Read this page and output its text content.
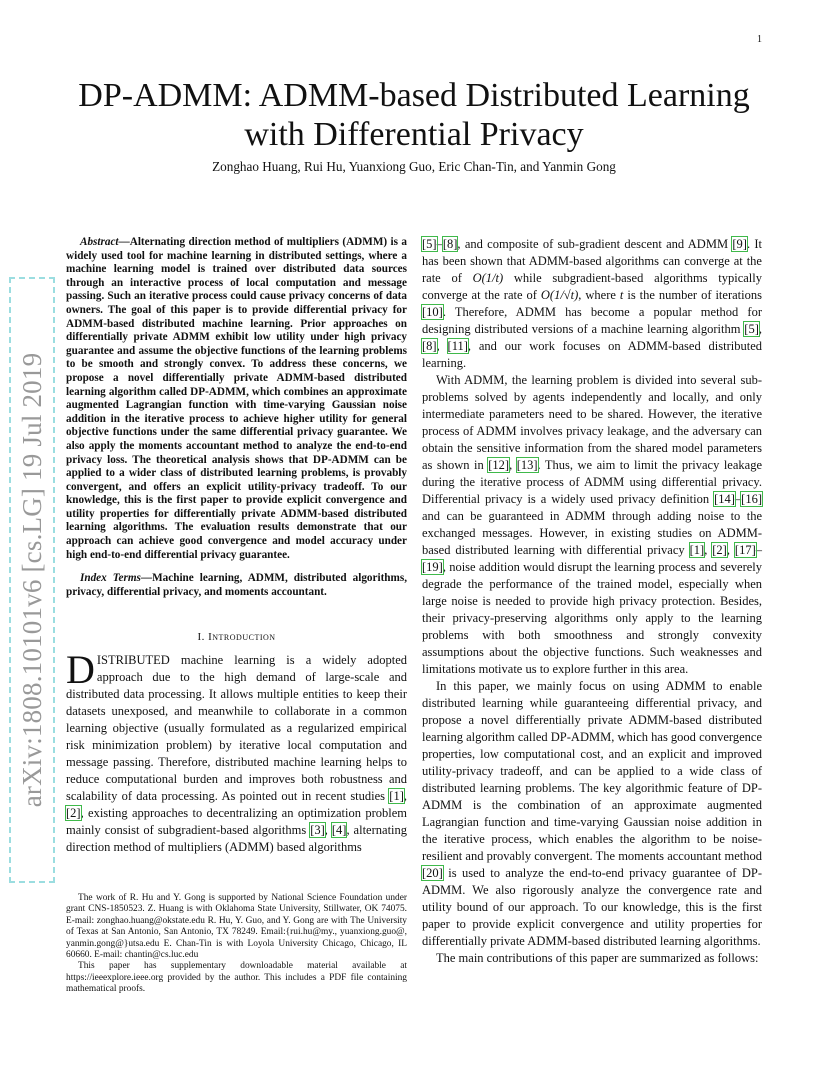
1
arXiv:1808.10101v6 [cs.LG] 19 Jul 2019
DP-ADMM: ADMM-based Distributed Learning
with Differential Privacy
Zonghao Huang, Rui Hu, Yuanxiong Guo, Eric Chan-Tin, and Yanmin Gong

Abstract—Alternating direction method of multipliers (ADMM) is a widely used tool for machine learning in distributed settings, where a machine learning model is trained over distributed data sources through an interactive process of local computation and message passing. Such an iterative process could cause privacy concerns of data owners. The goal of this paper is to provide differential privacy for ADMM-based distributed machine learning. Prior approaches on differentially private ADMM exhibit low utility under high privacy guarantee and assume the objective functions of the learning problems to be smooth and strongly convex. To address these concerns, we propose a novel differentially private ADMM-based distributed learning algorithm called DP-ADMM, which combines an approximate augmented Lagrangian function with time-varying Gaussian noise addition in the iterative process to achieve higher utility for general objective functions under the same differential privacy guarantee. We also apply the moments accountant method to analyze the end-to-end privacy loss. The theoretical analysis shows that DP-ADMM can be applied to a wider class of distributed learning problems, is provably convergent, and offers an explicit utility-privacy tradeoff. To our knowledge, this is the first paper to provide explicit convergence and utility properties for differentially private ADMM-based distributed learning algorithms. The evaluation results demonstrate that our approach can achieve good convergence and model accuracy under high end-to-end differential privacy guarantee.

Index Terms—Machine learning, ADMM, distributed algorithms, privacy, differential privacy, and moments accountant.

I. Introduction

DISTRIBUTED machine learning is a widely adopted approach due to the high demand of large-scale and distributed data processing. It allows multiple entities to keep their datasets unexposed, and meanwhile to collaborate in a common learning objective (usually formulated as a regularized empirical risk minimization problem) by iterative local computation and message passing. Therefore, distributed machine learning helps to reduce computational burden and improves both robustness and scalability of data processing. As pointed out in recent studies [1], [2], existing approaches to decentralizing an optimization problem mainly consist of subgradient-based algorithms [3], [4], alternating direction method of multipliers (ADMM) based algorithms

The work of R. Hu and Y. Gong is supported by National Science Foundation under grant CNS-1850523. Z. Huang is with Oklahoma State University, Stillwater, OK 74075. E-mail: zonghao.huang@okstate.edu R. Hu, Y. Guo, and Y. Gong are with The University of Texas at San Antonio, San Antonio, TX 78249. Email:{rui.hu@my., yuanxiong.guo@, yanmin.gong@}utsa.edu E. Chan-Tin is with Loyola University Chicago, Chicago, IL 60660. E-mail: chantin@cs.luc.edu

This paper has supplementary downloadable material available at https://ieeexplore.ieee.org provided by the author. This includes a PDF file containing mathematical proofs.

[5]–[8], and composite of sub-gradient descent and ADMM [9]. It has been shown that ADMM-based algorithms can converge at the rate of O(1/t) while subgradient-based algorithms typically converge at the rate of O(1/√t), where t is the number of iterations [10]. Therefore, ADMM has become a popular method for designing distributed versions of a machine learning algorithm [5], [8], [11], and our work focuses on ADMM-based distributed learning.

With ADMM, the learning problem is divided into several sub-problems solved by agents independently and locally, and only intermediate parameters need to be shared. However, the iterative process of ADMM involves privacy leakage, and the adversary can obtain the sensitive information from the shared model parameters as shown in [12], [13]. Thus, we aim to limit the privacy leakage during the iterative process of ADMM using differential privacy. Differential privacy is a widely used privacy definition [14]–[16] and can be guaranteed in ADMM through adding noise to the exchanged messages. However, in existing studies on ADMM-based distributed learning with differential privacy [1], [2], [17]–[19], noise addition would disrupt the learning process and severely degrade the performance of the trained model, especially when large noise is needed to provide high privacy protection. Besides, their privacy-preserving algorithms only apply to the learning problems with both smoothness and strongly convexity assumptions about the objective functions. Such weaknesses and limitations motivate us to explore further in this area.

In this paper, we mainly focus on using ADMM to enable distributed learning while guaranteeing differential privacy, and propose a novel differentially private ADMM-based distributed learning algorithm called DP-ADMM, which has good convergence properties, low computational cost, and an explicit and improved utility-privacy tradeoff, and can be applied to a wide class of distributed learning problems. The key algorithmic feature of DP-ADMM is the combination of an approximate augmented Lagrangian function and time-varying Gaussian noise addition in the iterative process, which enables the algorithm to be noise-resilient and provably convergent. The moments accountant method [20] is used to analyze the end-to-end privacy guarantee of DP-ADMM. We also rigorously analyze the convergence rate and utility bound of our approach. To our knowledge, this is the first paper to provide explicit convergence and utility properties for differentially private ADMM-based distributed learning algorithms.

The main contributions of this paper are summarized as follows:
